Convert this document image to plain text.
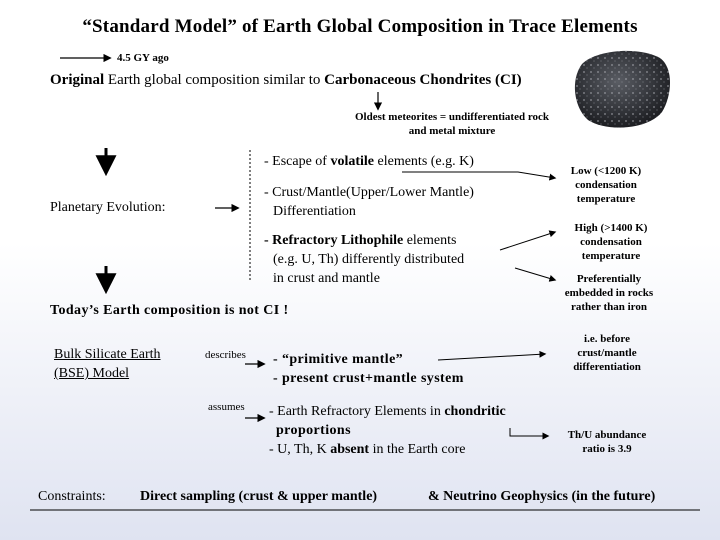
“Standard Model” of Earth Global Composition in Trace Elements
4.5 GY ago
Original Earth global composition similar to Carbonaceous Chondrites (CI)
Oldest meteorites = undifferentiated rock
and metal mixture
Planetary Evolution:
- Escape of volatile elements (e.g. K)
- Crust/Mantle(Upper/Lower Mantle)
Differentiation
- Refractory Lithophile elements
(e.g. U, Th) differently distributed
in crust and mantle
Low (<1200 K)
condensation
temperature
High (>1400 K)
condensation
temperature
Preferentially
embedded in rocks
rather than iron
Today’s Earth composition is not CI !
Bulk Silicate Earth
(BSE) Model
describes
assumes
- “primitive mantle”
- present crust+mantle system
- Earth Refractory Elements in chondritic
proportions
- U, Th, K absent in the Earth core
i.e. before
crust/mantle
differentiation
Th/U abundance
ratio is 3.9
Constraints: Direct sampling (crust & upper mantle)	& Neutrino Geophysics (in the future)
